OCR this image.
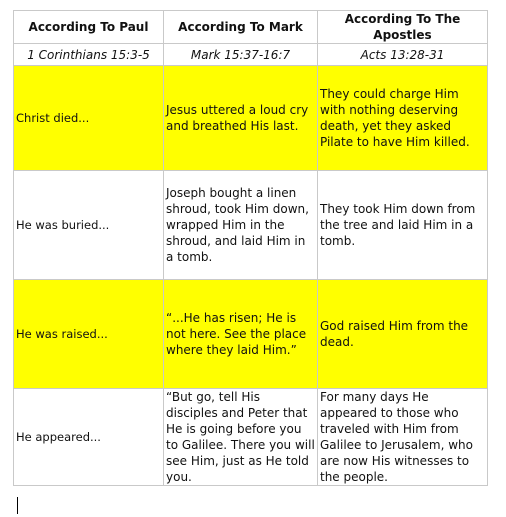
According To Paul	According To Mark	According To The Apostles
1 Corinthians 15:3-5	Mark 15:37-16:7	Acts 13:28-31
Christ died...	Jesus uttered a loud cry and breathed His last.	They could charge Him with nothing deserving death, yet they asked Pilate to have Him killed.
He was buried...	Joseph bought a linen shroud, took Him down, wrapped Him in the shroud, and laid Him in a tomb.	They took Him down from the tree and laid Him in a tomb.
He was raised...	“...He has risen; He is not here. See the place where they laid Him.”	God raised Him from the dead.
He appeared...	“But go, tell His disciples and Peter that He is going before you to Galilee. There you will see Him, just as He told you.	For many days He appeared to those who traveled with Him from Galilee to Jerusalem, who are now His witnesses to the people.
